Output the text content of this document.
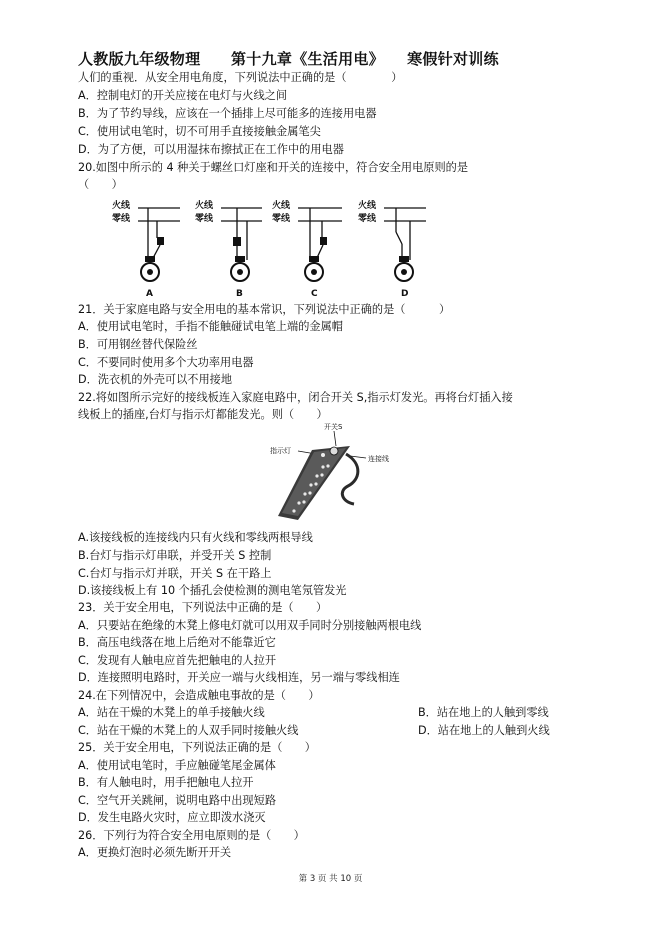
人教版九年级物理　　第十九章《生活用电》　　寒假针对训练
人们的重视．从安全用电角度，下列说法中正确的是（　　　　）
A．控制电灯的开关应接在电灯与火线之间
B．为了节约导线，应该在一个插排上尽可能多的连接用电器
C．使用试电笔时，切不可用手直接接触金属笔尖
D．为了方便，可以用湿抹布擦拭正在工作中的用电器
20.如图中所示的 4 种关于螺丝口灯座和开关的连接中，符合安全用电原则的是
（　　）
火线
零线
A
火线
零线
B
火线
零线
C
火线
零线
D
21．关于家庭电路与安全用电的基本常识，下列说法中正确的是（　　　）
A．使用试电笔时，手指不能触碰试电笔上端的金属帽
B．可用钢丝替代保险丝
C．不要同时使用多个大功率用电器
D．洗衣机的外壳可以不用接地
22.将如图所示完好的接线板连入家庭电路中，闭合开关 S,指示灯发光。再将台灯插入接
线板上的插座,台灯与指示灯都能发光。则（　　）
开关S
指示灯
连接线
A.该接线板的连接线内只有火线和零线两根导线
B.台灯与指示灯串联，并受开关 S 控制
C.台灯与指示灯并联，开关 S 在干路上
D.该接线板上有 10 个插孔会使检测的测电笔氖管发光
23．关于安全用电，下列说法中正确的是（　　）
A．只要站在绝缘的木凳上修电灯就可以用双手同时分别接触两根电线
B．高压电线落在地上后绝对不能靠近它
C．发现有人触电应首先把触电的人拉开
D．连接照明电路时，开关应一端与火线相连，另一端与零线相连
24.在下列情况中，会造成触电事故的是（　　）
A．站在干燥的木凳上的单手接触火线	B．站在地上的人触到零线
C．站在干燥的木凳上的人双手同时接触火线	D．站在地上的人触到火线
25．关于安全用电，下列说法正确的是（　　）
A．使用试电笔时，手应触碰笔尾金属体
B．有人触电时，用手把触电人拉开
C．空气开关跳闸，说明电路中出现短路
D．发生电路火灾时，应立即泼水浇灭
26．下列行为符合安全用电原则的是（　　）
A．更换灯泡时必须先断开开关
第 3 页 共 10 页
